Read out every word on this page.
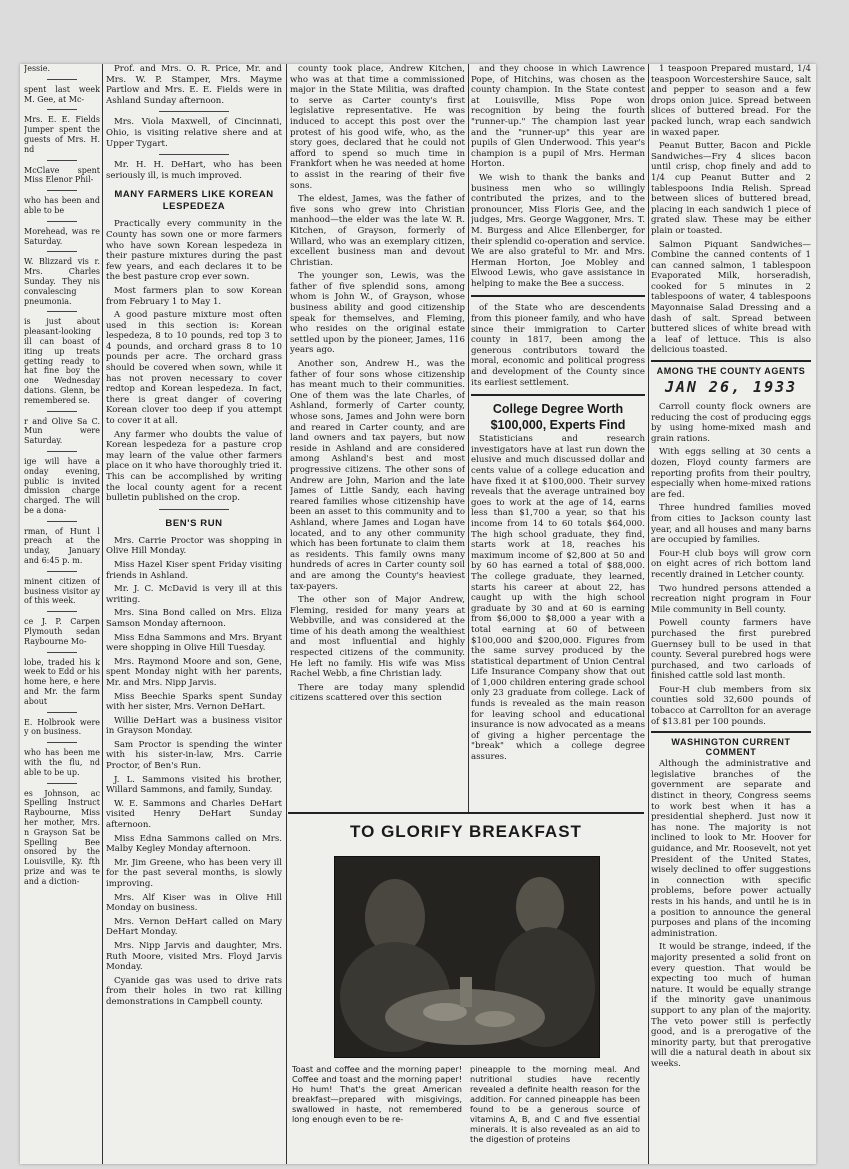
Jessie.

spent last week M. Gee, at Mc-

Mrs. E. E. Fields Jumper spent the guests of Mrs. H. nd

McClave spent Miss Elenor Phil-

who has been and able to be

Morehead, was re Saturday.

W. Blizzard vis r. Mrs. Charles Sunday. They nis convalescing pneumonia.

is just about pleasant-looking ill can boast of iting up treats getting ready to hat fine boy the one Wednesday dations. Glenn, be remembered se.

r and Olive Sa C. Mun were Saturday.

ige will have a onday evening, public is invited dmission charge charged. The will be a dona-

rman, of Hunt l preach at the unday, January and 6:45 p. m.

minent citizen of business visitor ay of this week.

ce J. P. Carpen Plymouth sedan Raybourne Mo-

lobe, traded his k week to Edd or his home here, e here and Mr. the farm about

E. Holbrook were y on business.

who has been me with the flu, nd able to be up.

es Johnson, ac Spelling Instruct Raybourne, Miss her mother, Mrs. n Grayson Sat be Spelling Bee onsored by the Louisville, Ky. fth prize and was te and a diction-

Prof. and Mrs. O. R. Price, Mr. and Mrs. W. P. Stamper, Mrs. Mayme Partlow and Mrs. E. E. Fields were in Ashland Sunday afternoon.

Mrs. Viola Maxwell, of Cincinnati, Ohio, is visiting relative shere and at Upper Tygart.

Mr. H. H. DeHart, who has been seriously ill, is much improved.

MANY FARMERS LIKE KOREAN LESPEDEZA

Practically every community in the County has sown one or more farmers who have sown Korean lespedeza in their pasture mixtures during the past few years, and each declares it to be the best pasture crop ever sown.

Most farmers plan to sow Korean from February 1 to May 1.

A good pasture mixture most often used in this section is: Korean lespedeza, 8 to 10 pounds, red top 3 to 4 pounds, and orchard grass 8 to 10 pounds per acre. The orchard grass should be covered when sown, while it has not proven necessary to cover redtop and Korean lespedeza. In fact, there is great danger of covering Korean clover too deep if you attempt to cover it at all.

Any farmer who doubts the value of Korean lespedeza for a pasture crop may learn of the value other farmers place on it who have thoroughly tried it. This can be accomplished by writing the local county agent for a recent bulletin published on the crop.

BEN'S RUN

Mrs. Carrie Proctor was shopping in Olive Hill Monday.

Miss Hazel Kiser spent Friday visiting friends in Ashland.

Mr. J. C. McDavid is very ill at this writing.

Mrs. Sina Bond called on Mrs. Eliza Samson Monday afternoon.

Miss Edna Sammons and Mrs. Bryant were shopping in Olive Hill Tuesday.

Mrs. Raymond Moore and son, Gene, spent Monday night with her parents, Mr. and Mrs. Nipp Jarvis.

Miss Beechie Sparks spent Sunday with her sister, Mrs. Vernon DeHart.

Willie DeHart was a business visitor in Grayson Monday.

Sam Proctor is spending the winter with his sister-in-law, Mrs. Carrie Proctor, of Ben's Run.

J. L. Sammons visited his brother, Willard Sammons, and family, Sunday.

W. E. Sammons and Charles DeHart visited Henry DeHart Sunday afternoon.

Miss Edna Sammons called on Mrs. Malby Kegley Monday afternoon.

Mr. Jim Greene, who has been very ill for the past several months, is slowly improving.

Mrs. Alf Kiser was in Olive Hill Monday on business.

Mrs. Vernon DeHart called on Mary DeHart Monday.

Mrs. Nipp Jarvis and daughter, Mrs. Ruth Moore, visited Mrs. Floyd Jarvis Monday.

Cyanide gas was used to drive rats from their holes in two rat killing demonstrations in Campbell county.

county took place, Andrew Kitchen, who was at that time a commissioned major in the State Militia, was drafted to serve as Carter county's first legislative representative. He was induced to accept this post over the protest of his good wife, who, as the story goes, declared that he could not afford to spend so much time in Frankfort when he was needed at home to assist in the rearing of their five sons.

The eldest, James, was the father of five sons who grew into Christian manhood—the elder was the late W. R. Kitchen, of Grayson, formerly of Willard, who was an exemplary citizen, excellent business man and devout Christian.

The younger son, Lewis, was the father of five splendid sons, among whom is John W., of Grayson, whose business ability and good citizenship speak for themselves, and Fleming, who resides on the original estate settled upon by the pioneer, James, 116 years ago.

Another son, Andrew H., was the father of four sons whose citizenship has meant much to their communities. One of them was the late Charles, of Ashland, formerly of Carter county, whose sons, James and John were born and reared in Carter county, and are land owners and tax payers, but now reside in Ashland and are considered among Ashland's best and most progressive citizens. The other sons of Andrew are John, Marion and the late James of Little Sandy, each having reared families whose citizenship have been an asset to this community and to Ashland, where James and Logan have located, and to any other community which has been fortunate to claim them as residents. This family owns many hundreds of acres in Carter county soil and are among the County's heaviest tax-payers.

The other son of Major Andrew, Fleming, resided for many years at Webbville, and was considered at the time of his death among the wealthiest and most influential and highly respected citizens of the community. He left no family. His wife was Miss Rachel Webb, a fine Christian lady.

There are today many splendid citizens scattered over this section

and they choose in which Lawrence Pope, of Hitchins, was chosen as the county champion. In the State contest at Louisville, Miss Pope won recognition by being the fourth "runner-up." The champion last year and the "runner-up" this year are pupils of Glen Underwood. This year's champion is a pupil of Mrs. Herman Horton.

We wish to thank the banks and business men who so willingly contributed the prizes, and to the pronouncer, Miss Floris Gee, and the judges, Mrs. George Waggoner, Mrs. T. M. Burgess and Alice Ellenberger, for their splendid co-operation and service. We are also grateful to Mr. and Mrs. Herman Horton, Joe Mobley and Elwood Lewis, who gave assistance in helping to make the Bee a success.

of the State who are descendents from this pioneer family, and who have since their immigration to Carter county in 1817, been among the generous contributors toward the moral, economic and political progress and development of the County since its earliest settlement.

College Degree Worth
$100,000, Experts Find

Statisticians and research investigators have at last run down the elusive and much discussed dollar and cents value of a college education and have fixed it at $100,000. Their survey reveals that the average untrained boy goes to work at the age of 14, earns less than $1,700 a year, so that his income from 14 to 60 totals $64,000. The high school graduate, they find, starts work at 18, reaches his maximum income of $2,800 at 50 and by 60 has earned a total of $88,000. The college graduate, they learned, starts his career at about 22, has caught up with the high school graduate by 30 and at 60 is earning from $6,000 to $8,000 a year with a total earning at 60 of between $100,000 and $200,000. Figures from the same survey produced by the statistical department of Union Central Life Insurance Company show that out of 1,000 children entering grade school only 23 graduate from college. Lack of funds is revealed as the main reason for leaving school and educational insurance is now advocated as a means of giving a higher percentage the "break" which a college degree assures.

TO GLORIFY BREAKFAST

Toast and coffee and the morning paper! Coffee and toast and the morning paper! Ho hum! That's the great American breakfast—prepared with misgivings, swallowed in haste, not remembered long enough even to be re-

pineapple to the morning meal. And nutritional studies have recently revealed a definite health reason for the addition. For canned pineapple has been found to be a generous source of vitamins A, B, and C and five essential minerals. It is also revealed as an aid to the digestion of proteins

1 teaspoon Prepared mustard, 1/4 teaspoon Worcestershire Sauce, salt and pepper to season and a few drops onion juice. Spread between slices of buttered bread. For the packed lunch, wrap each sandwich in waxed paper.

Peanut Butter, Bacon and Pickle Sandwiches—Fry 4 slices bacon until crisp, chop finely and add to 1/4 cup Peanut Butter and 2 tablespoons India Relish. Spread between slices of buttered bread, placing in each sandwich 1 piece of grated slaw. These may be either plain or toasted.

Salmon Piquant Sandwiches—Combine the canned contents of 1 can canned salmon, 1 tablespoon Evaporated Milk, horseradish, cooked for 5 minutes in 2 tablespoons of water, 4 tablespoons Mayonnaise Salad Dressing and a dash of salt. Spread between buttered slices of white bread with a leaf of lettuce. This is also delicious toasted.

AMONG THE COUNTY AGENTS
JAN 26, 1933

Carroll county flock owners are reducing the cost of producing eggs by using home-mixed mash and grain rations.

With eggs selling at 30 cents a dozen, Floyd county farmers are reporting profits from their poultry, especially when home-mixed rations are fed.

Three hundred families moved from cities to Jackson county last year, and all houses and many barns are occupied by families.

Four-H club boys will grow corn on eight acres of rich bottom land recently drained in Letcher county.

Two hundred persons attended a recreation night program in Four Mile community in Bell county.

Powell county farmers have purchased the first purebred Guernsey bull to be used in that county. Several purebred hogs were purchased, and two carloads of finished cattle sold last month.

Four-H club members from six counties sold 32,600 pounds of tobacco at Carrollton for an average of $13.81 per 100 pounds.

WASHINGTON CURRENT COMMENT

Although the administrative and legislative branches of the government are separate and distinct in theory, Congress seems to work best when it has a presidential shepherd. Just now it has none. The majority is not inclined to look to Mr. Hoover for guidance, and Mr. Roosevelt, not yet President of the United States, wisely declined to offer suggestions in connection with specific problems, before power actually rests in his hands, and until he is in a position to announce the general purposes and plans of the incoming administration.

It would be strange, indeed, if the majority presented a solid front on every question. That would be expecting too much of human nature. It would be equally strange if the minority gave unanimous support to any plan of the majority. The veto power still is perfectly good, and is a prerogative of the minority party, but that prerogative will die a natural death in about six weeks.
